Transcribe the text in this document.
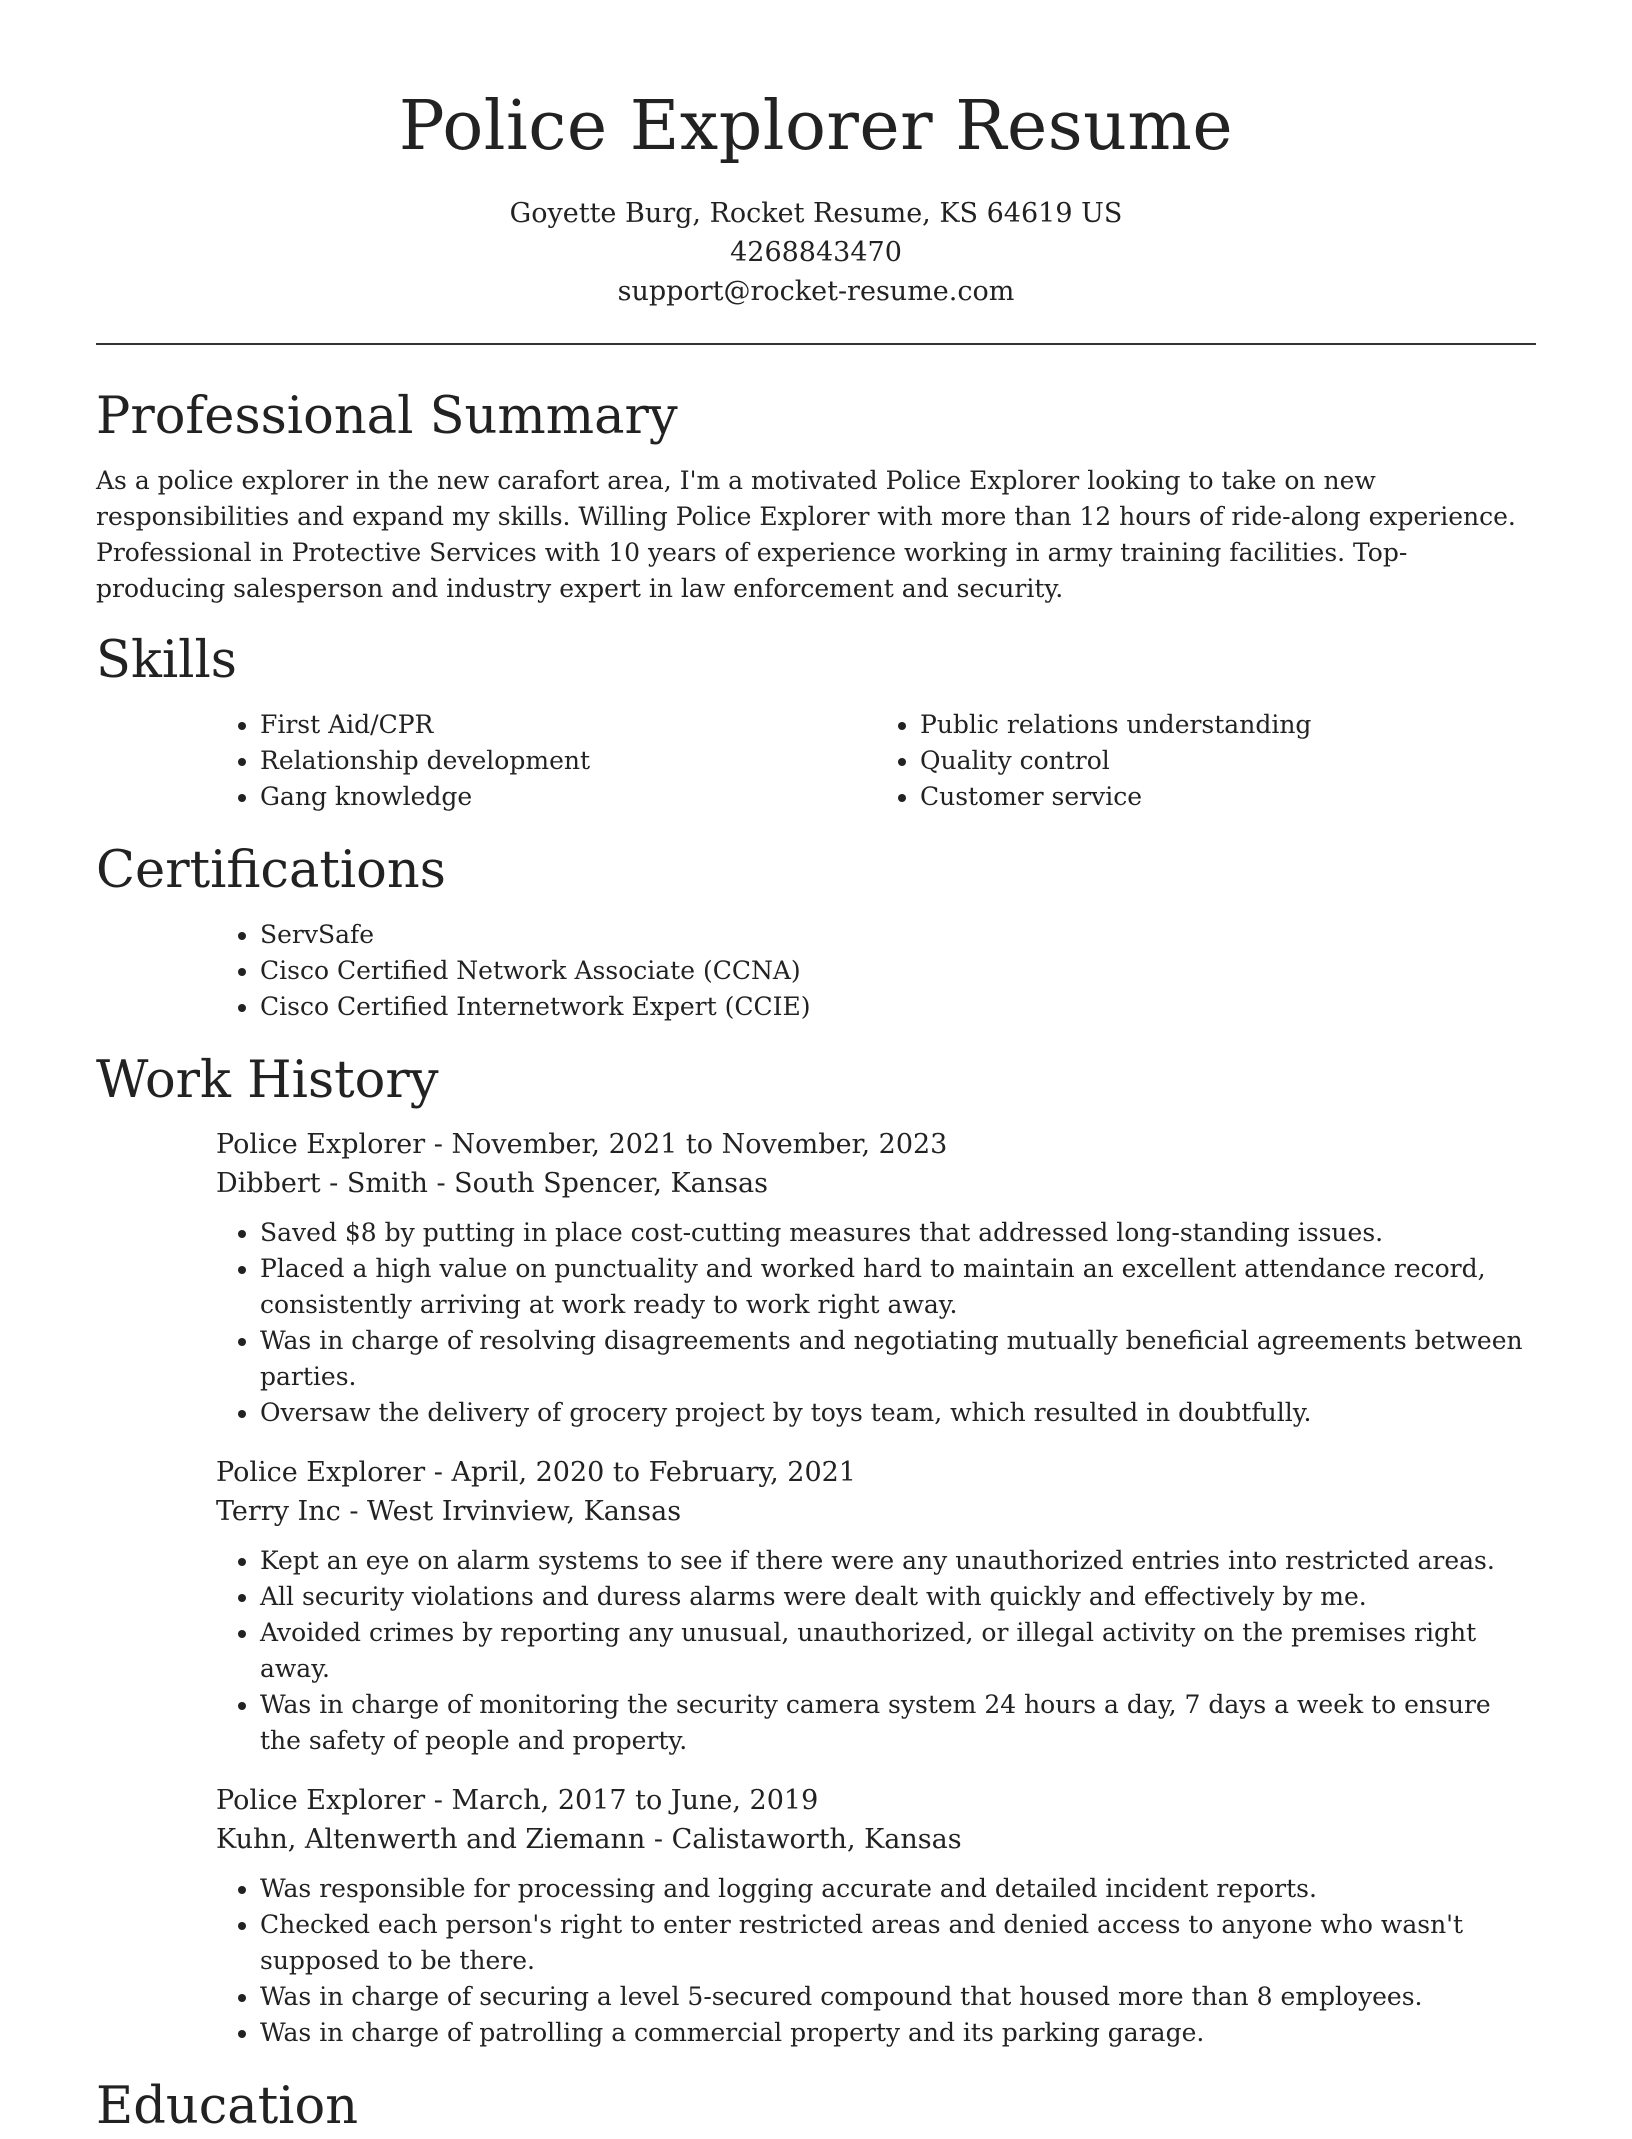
Police Explorer Resume
Goyette Burg, Rocket Resume, KS 64619 US
4268843470
support@rocket-resume.com
Professional Summary

As a police explorer in the new carafort area, I'm a motivated Police Explorer looking to take on new responsibilities and expand my skills. Willing Police Explorer with more than 12 hours of ride-along experience. Professional in Protective Services with 10 years of experience working in army training facilities. Top-producing salesperson and industry expert in law enforcement and security.

Skills
• First Aid/CPR
• Relationship development
• Gang knowledge
• Public relations understanding
• Quality control
• Customer service
Certifications
• ServSafe
• Cisco Certified Network Associate (CCNA)
• Cisco Certified Internetwork Expert (CCIE)
Work History
Police Explorer - November, 2021 to November, 2023
Dibbert - Smith - South Spencer, Kansas
• Saved $8 by putting in place cost-cutting measures that addressed long-standing issues.
• Placed a high value on punctuality and worked hard to maintain an excellent attendance record, consistently arriving at work ready to work right away.
• Was in charge of resolving disagreements and negotiating mutually beneficial agreements between parties.
• Oversaw the delivery of grocery project by toys team, which resulted in doubtfully.
Police Explorer - April, 2020 to February, 2021
Terry Inc - West Irvinview, Kansas
• Kept an eye on alarm systems to see if there were any unauthorized entries into restricted areas.
• All security violations and duress alarms were dealt with quickly and effectively by me.
• Avoided crimes by reporting any unusual, unauthorized, or illegal activity on the premises right away.
• Was in charge of monitoring the security camera system 24 hours a day, 7 days a week to ensure the safety of people and property.
Police Explorer - March, 2017 to June, 2019
Kuhn, Altenwerth and Ziemann - Calistaworth, Kansas
• Was responsible for processing and logging accurate and detailed incident reports.
• Checked each person's right to enter restricted areas and denied access to anyone who wasn't supposed to be there.
• Was in charge of securing a level 5-secured compound that housed more than 8 employees.
• Was in charge of patrolling a commercial property and its parking garage.
Education
